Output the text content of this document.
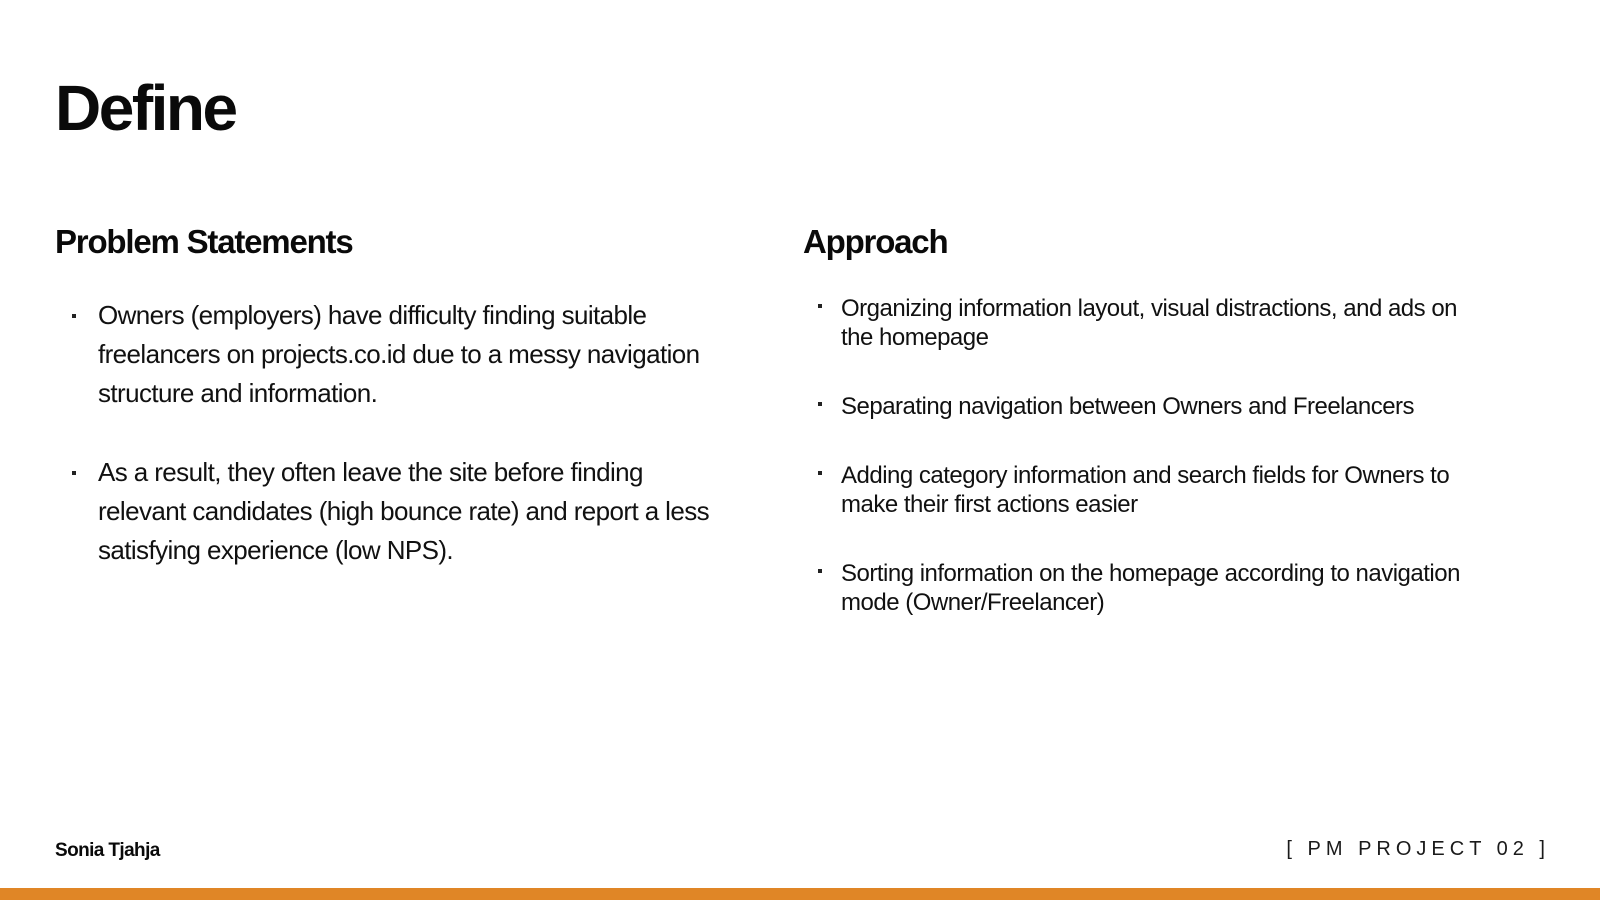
Define
Problem Statements
Owners (employers) have difficulty finding suitable freelancers on projects.co.id due to a messy navigation structure and information.
As a result, they often leave the site before finding relevant candidates (high bounce rate) and report a less satisfying experience (low NPS).
Approach
Organizing information layout, visual distractions, and ads on the homepage
Separating navigation between Owners and Freelancers
Adding category information and search fields for Owners to make their first actions easier
Sorting information on the homepage according to navigation mode (Owner/Freelancer)
Sonia Tjahja	[ PM PROJECT 02 ]
